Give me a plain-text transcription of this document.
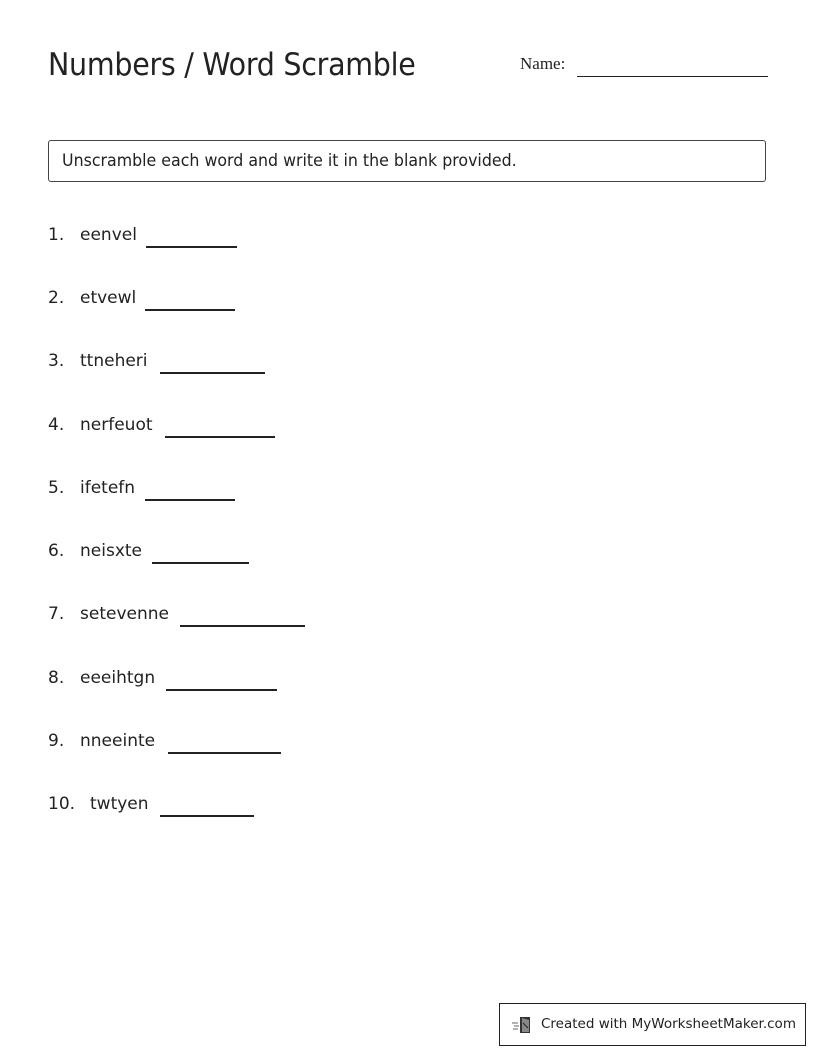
Numbers / Word Scramble	Name:
Unscramble each word and write it in the blank provided.
1. eenvel
2. etvewl
3. ttneheri
4. nerfeuot
5. ifetefn
6. neisxte
7. setevenne
8. eeeihtgn
9. nneeinte
10. twtyen
Created with MyWorksheetMaker.com
